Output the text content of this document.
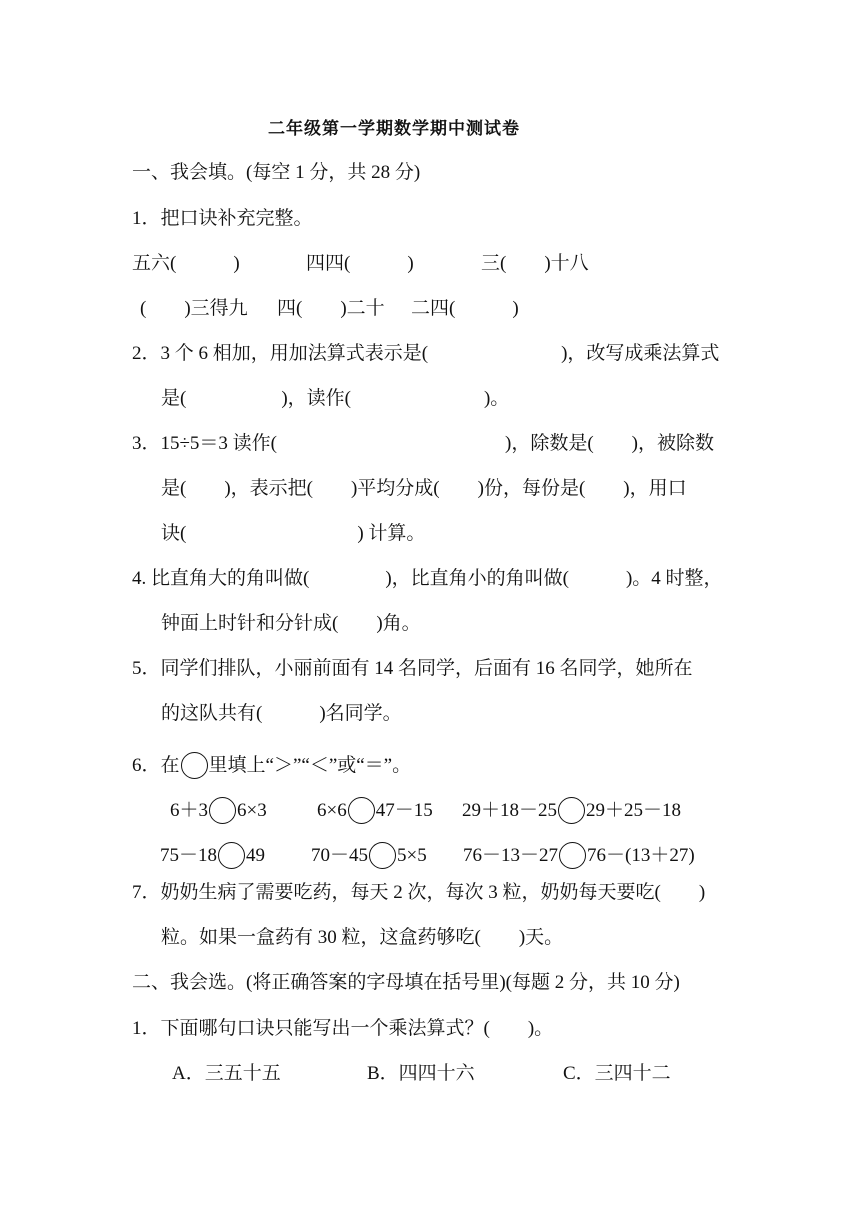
二年级第一学期数学期中测试卷
一、我会填。(每空 1 分，共 28 分)
1．把口诀补充完整。
五六(　　　)	四四(　　　)	三(　　)十八
(　　)三得九 四(　　)二十 二四(　　　)
2．3 个 6 相加，用加法算式表示是(　　　　　　　)，改写成乘法算式
是(　　　　　)，读作(　　　　　　　)。
3．15÷5＝3 读作(　　　　　　　　　　　　)，除数是(　　)，被除数
是(　　)，表示把(　　)平均分成(　　)份，每份是(　　)，用口
诀(　　　　　　　　　) 计算。
4. 比直角大的角叫做(　　　　)，比直角小的角叫做(　　　)。4 时整，
钟面上时针和分针成(　　)角。
5．同学们排队，小丽前面有 14 名同学，后面有 16 名同学，她所在
的这队共有(　　　)名同学。
6．在 里填上“＞”“＜”或“＝”。
6＋3 6×3	6×6 47－15 29＋18－25 29＋25－18
75－18 49 70－45 5×5 76－13－27 76－(13＋27)
7．奶奶生病了需要吃药，每天 2 次，每次 3 粒，奶奶每天要吃(　　)
粒。如果一盒药有 30 粒，这盒药够吃(　　)天。
二、我会选。(将正确答案的字母填在括号里)(每题 2 分，共 10 分)
1．下面哪句口诀只能写出一个乘法算式？(　　)。
A．三五十五	B．四四十六	C．三四十二
